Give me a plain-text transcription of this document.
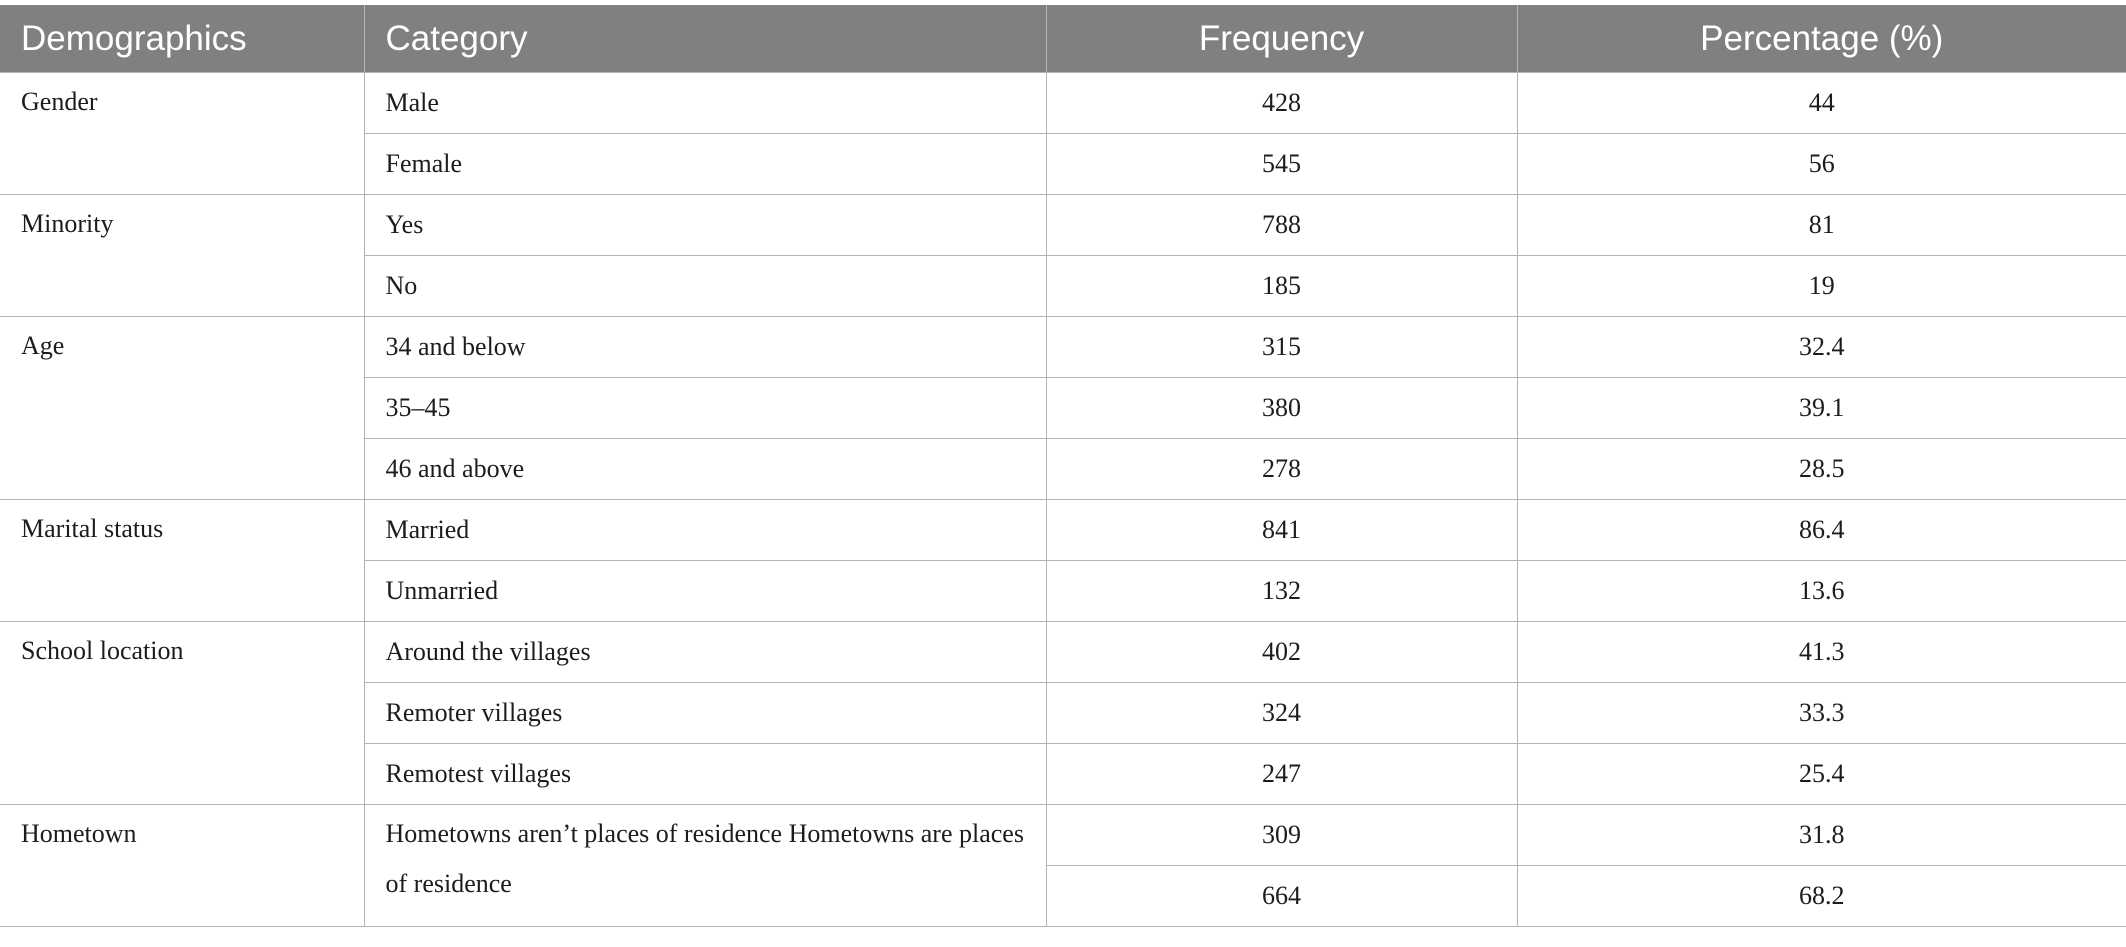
Demographics	Category	Frequency	Percentage (%)
Gender	Male	428	44
	Female	545	56
Minority	Yes	788	81
	No	185	19
Age	34 and below	315	32.4
	35–45	380	39.1
	46 and above	278	28.5
Marital status	Married	841	86.4
	Unmarried	132	13.6
School location	Around the villages	402	41.3
	Remoter villages	324	33.3
	Remotest villages	247	25.4
Hometown	Hometowns aren’t places of residence Hometowns are places of residence	309	31.8
		664	68.2
